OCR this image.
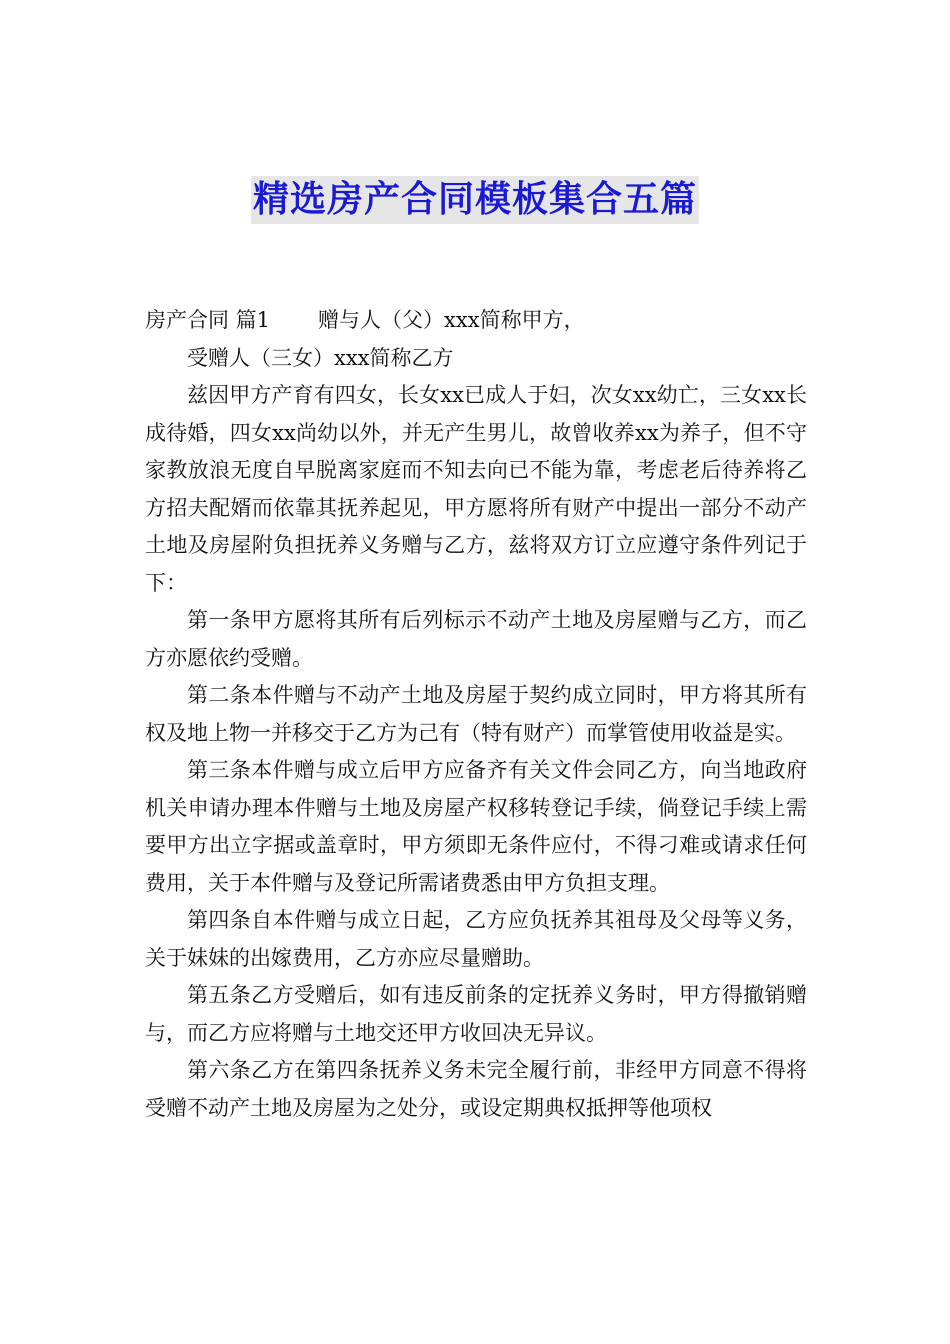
精选房产合同模板集合五篇

房产合同 篇1 赠与人（父）xxx简称甲方，

受赠人（三女）xxx简称乙方

兹因甲方产育有四女，长女xx已成人于妇，次女xx幼亡，三女xx长成待婚，四女xx尚幼以外，并无产生男儿，故曾收养xx为养子，但不守家教放浪无度自早脱离家庭而不知去向已不能为靠，考虑老后待养将乙方招夫配婿而依靠其抚养起见，甲方愿将所有财产中提出一部分不动产土地及房屋附负担抚养义务赠与乙方，兹将双方订立应遵守条件列记于下：

第一条甲方愿将其所有后列标示不动产土地及房屋赠与乙方，而乙方亦愿依约受赠。

第二条本件赠与不动产土地及房屋于契约成立同时，甲方将其所有权及地上物一并移交于乙方为己有（特有财产）而掌管使用收益是实。

第三条本件赠与成立后甲方应备齐有关文件会同乙方，向当地政府机关申请办理本件赠与土地及房屋产权移转登记手续，倘登记手续上需要甲方出立字据或盖章时，甲方须即无条件应付，不得刁难或请求任何费用，关于本件赠与及登记所需诸费悉由甲方负担支理。

第四条自本件赠与成立日起，乙方应负抚养其祖母及父母等义务，关于妹妹的出嫁费用，乙方亦应尽量赠助。

第五条乙方受赠后，如有违反前条的定抚养义务时，甲方得撤销赠与，而乙方应将赠与土地交还甲方收回决无异议。

第六条乙方在第四条抚养义务未完全履行前，非经甲方同意不得将受赠不动产土地及房屋为之处分，或设定期典权抵押等他项权
